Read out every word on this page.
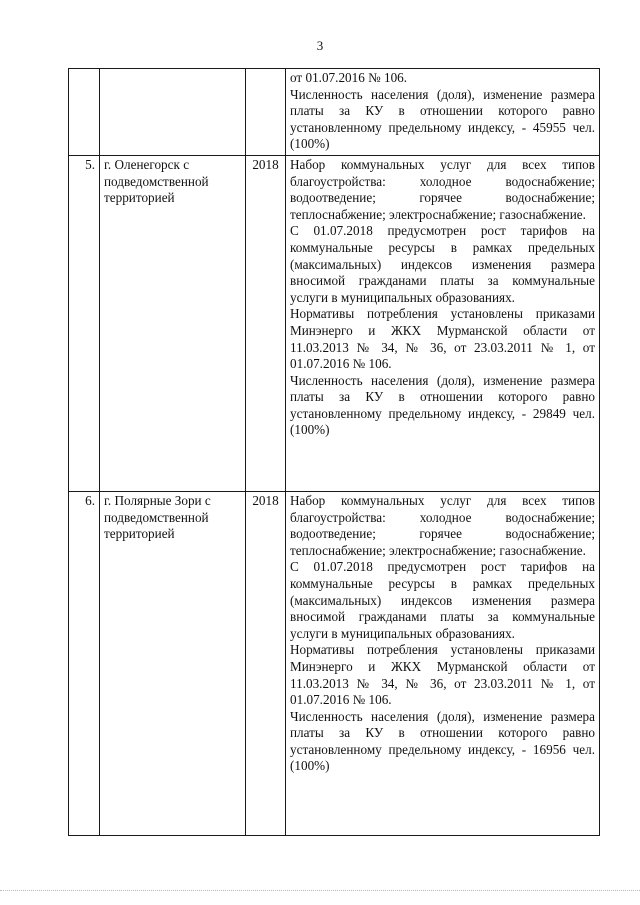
3

			от 01.07.2016 № 106.

Численность населения (доля), изменение размера платы за КУ в отношении которого равно установленному предельному индексу, - 45955 чел. (100%)

5.	г. Оленегорск с подведомственной территорией	2018	Набор коммунальных услуг для всех типов благоустройства: холодное водоснабжение; водоотведение; горячее водоснабжение; теплоснабжение; электроснабжение; газоснабжение.

С 01.07.2018 предусмотрен рост тарифов на коммунальные ресурсы в рамках предельных (максимальных) индексов изменения размера вносимой гражданами платы за коммунальные услуги в муниципальных образованиях.

Нормативы потребления установлены приказами Минэнерго и ЖКХ Мурманской области от 11.03.2013 № 34, № 36, от 23.03.2011 № 1, от 01.07.2016 № 106.

Численность населения (доля), изменение размера платы за КУ в отношении которого равно установленному предельному индексу, - 29849 чел. (100%)

6.	г. Полярные Зори с подведомственной территорией	2018	Набор коммунальных услуг для всех типов благоустройства: холодное водоснабжение; водоотведение; горячее водоснабжение; теплоснабжение; электроснабжение; газоснабжение.

С 01.07.2018 предусмотрен рост тарифов на коммунальные ресурсы в рамках предельных (максимальных) индексов изменения размера вносимой гражданами платы за коммунальные услуги в муниципальных образованиях.

Нормативы потребления установлены приказами Минэнерго и ЖКХ Мурманской области от 11.03.2013 № 34, № 36, от 23.03.2011 № 1, от 01.07.2016 № 106.

Численность населения (доля), изменение размера платы за КУ в отношении которого равно установленному предельному индексу, - 16956 чел. (100%)
